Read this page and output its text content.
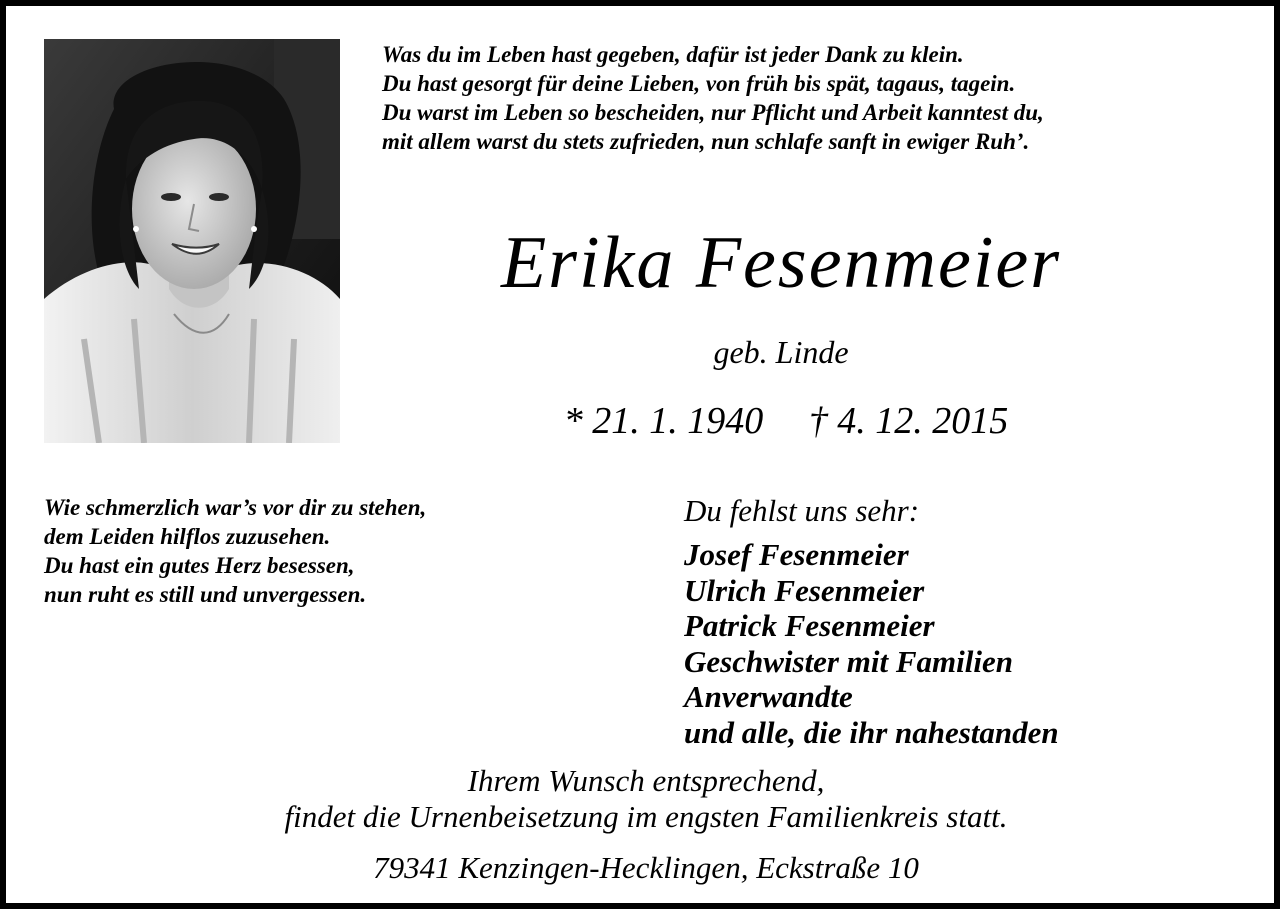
Was du im Leben hast gegeben, dafür ist jeder Dank zu klein.
Du hast gesorgt für deine Lieben, von früh bis spät, tagaus, tagein.
Du warst im Leben so bescheiden, nur Pflicht und Arbeit kanntest du,
mit allem warst du stets zufrieden, nun schlafe sanft in ewiger Ruh’.
Erika Fesenmeier
geb. Linde
* 21. 1. 1940 † 4. 12. 2015
Wie schmerzlich war’s vor dir zu stehen,
dem Leiden hilflos zuzusehen.
Du hast ein gutes Herz besessen,
nun ruht es still und unvergessen.
Du fehlst uns sehr:
Josef Fesenmeier
Ulrich Fesenmeier
Patrick Fesenmeier
Geschwister mit Familien
Anverwandte
und alle, die ihr nahestanden
Ihrem Wunsch entsprechend,
findet die Urnenbeisetzung im engsten Familienkreis statt.
79341 Kenzingen-Hecklingen, Eckstraße 10
